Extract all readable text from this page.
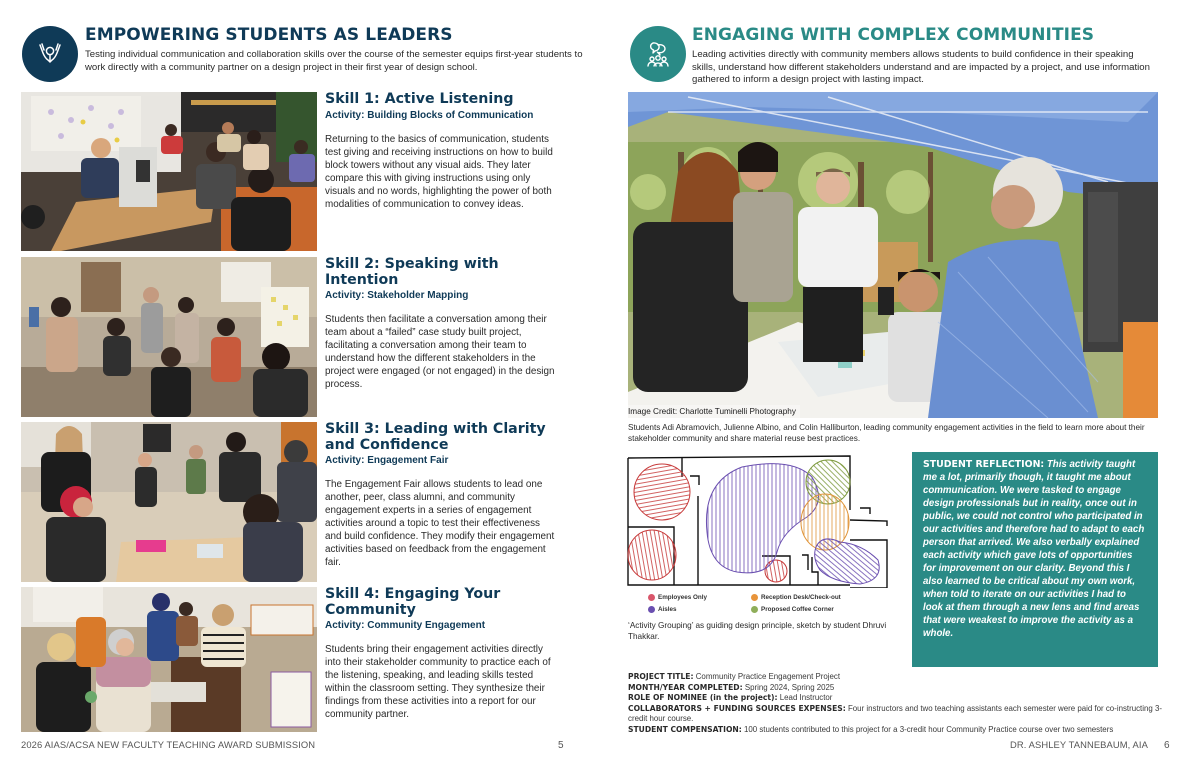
EMPOWERING STUDENTS AS LEADERS
Testing individual communication and collaboration skills over the course of the semester equips first-year students to work directly with a community partner on a design project in their first year of design school.
Skill 1: Active Listening
Activity: Building Blocks of Communication
Returning to the basics of communication, students test giving and receiving instructions on how to build block towers without any visual aids. They later compare this with giving instructions using only visuals and no words, highlighting the power of both modalities of communication to convey ideas.
Skill 2: Speaking with Intention
Activity: Stakeholder Mapping
Students then facilitate a conversation among their team about a “failed” case study built project, facilitating a conversation among their team to understand how the different stakeholders in the project were engaged (or not engaged) in the design process.
Skill 3: Leading with Clarity and Confidence
Activity: Engagement Fair
The Engagement Fair allows students to lead one another, peer, class alumni, and community engagement experts in a series of engagement activities around a topic to test their effectiveness and build confidence. They modify their engagement activities based on feedback from the engagement fair.
Skill 4: Engaging Your Community
Activity: Community Engagement
Students bring their engagement activities directly into their stakeholder community to practice each of the listening, speaking, and leading skills tested within the classroom setting. They synthesize their findings from these activities into a report for our community partner.
2026 AIAS/ACSA NEW FACULTY TEACHING AWARD SUBMISSION	5
ENGAGING WITH COMPLEX COMMUNITIES
Leading activities directly with community members allows students to build confidence in their speaking skills, understand how different stakeholders understand and are impacted by a project, and use information gathered to inform a design project with lasting impact.
Image Credit: Charlotte Tuminelli Photography
Students Adi Abramovich, Julienne Albino, and Colin Halliburton, leading community engagement activities in the field to learn more about their stakeholder community and share material reuse best practices.
Employees Only	Reception Desk/Check-out
Aisles	Proposed Coffee Corner
‘Activity Grouping’ as guiding design principle, sketch by student Dhruvi Thakkar.
STUDENT REFLECTION: This activity taught me a lot, primarily though, it taught me about communication. We were tasked to engage design professionals but in reality, once out in public, we could not control who participated in our activities and therefore had to adapt to each person that arrived. We also verbally explained each activity which gave lots of opportunities for improvement on our clarity. Beyond this I also learned to be critical about my own work, when told to iterate on our activities I had to look at them through a new lens and find areas that were weakest to improve the activity as a whole.
PROJECT TITLE: Community Practice Engagement Project
MONTH/YEAR COMPLETED: Spring 2024, Spring 2025
ROLE OF NOMINEE (in the project): Lead Instructor
COLLABORATORS + FUNDING SOURCES EXPENSES: Four instructors and two teaching assistants each semester were paid for co-instructing 3-credit hour course.
STUDENT COMPENSATION: 100 students contributed to this project for a 3-credit hour Community Practice course over two semesters
DR. ASHLEY TANNEBAUM, AIA 6
